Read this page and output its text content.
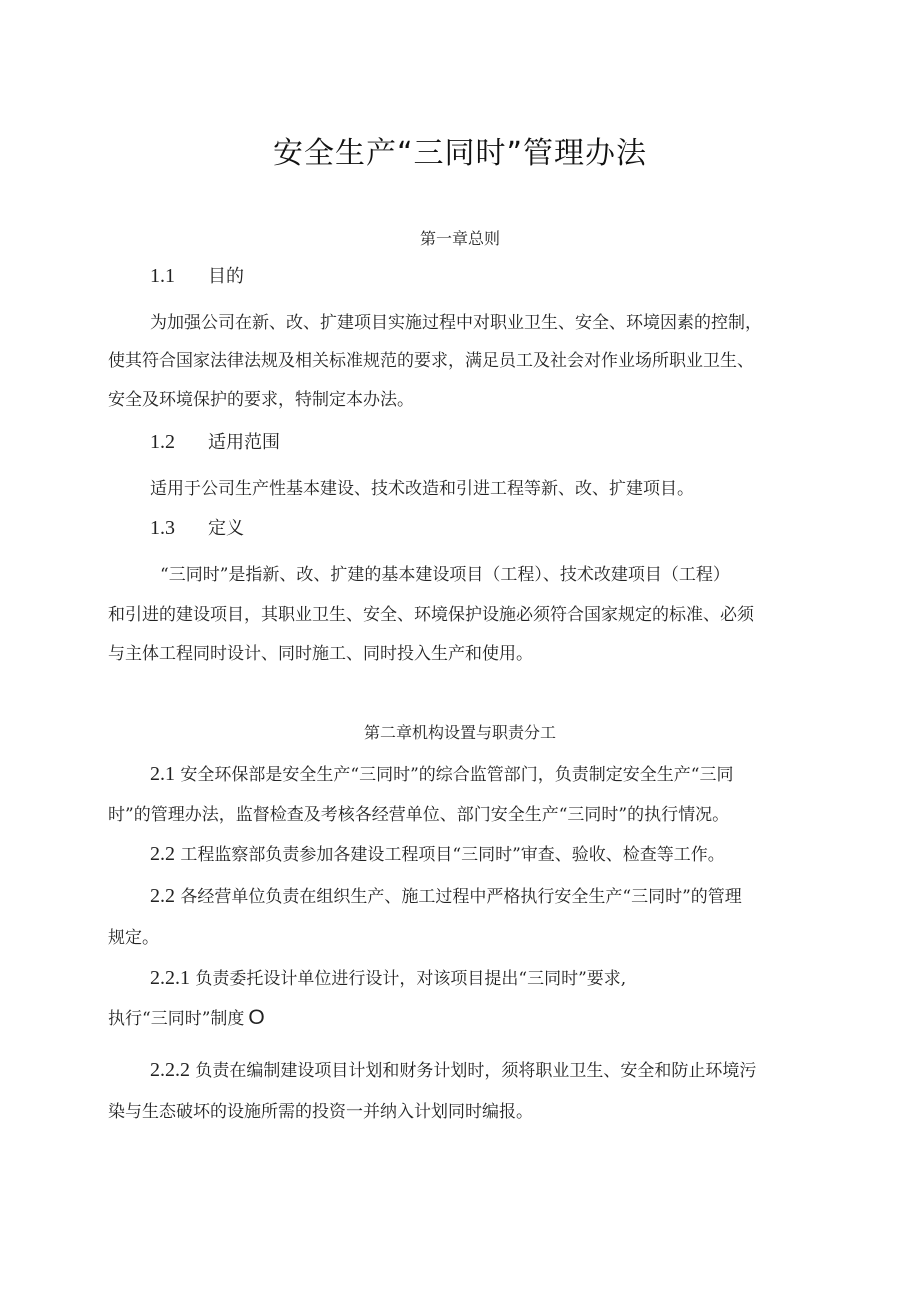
安全生产“三同时”管理办法
第一章总则
1.1 目的
为加强公司在新、改、扩建项目实施过程中对职业卫生、安全、环境因素的控制，
使其符合国家法律法规及相关标准规范的要求，满足员工及社会对作业场所职业卫生、
安全及环境保护的要求，特制定本办法。
1.2 适用范围
适用于公司生产性基本建设、技术改造和引进工程等新、改、扩建项目。
1.3 定义
“三同时”是指新、改、扩建的基本建设项目（工程）、技术改建项目（工程）
和引进的建设项目，其职业卫生、安全、环境保护设施必须符合国家规定的标准、必须
与主体工程同时设计、同时施工、同时投入生产和使用。
第二章机构设置与职责分工
2.1 安全环保部是安全生产“三同时”的综合监管部门，负责制定安全生产“三同
时”的管理办法，监督检查及考核各经营单位、部门安全生产“三同时”的执行情况。
2.2 工程监察部负责参加各建设工程项目“三同时”审查、验收、检查等工作。
2.2 各经营单位负责在组织生产、施工过程中严格执行安全生产“三同时”的管理
规定。
2.2.1 负责委托设计单位进行设计，对该项目提出“三同时”要求,
执行“三同时”制度 O
2.2.2 负责在编制建设项目计划和财务计划时，须将职业卫生、安全和防止环境污
染与生态破坏的设施所需的投资一并纳入计划同时编报。
